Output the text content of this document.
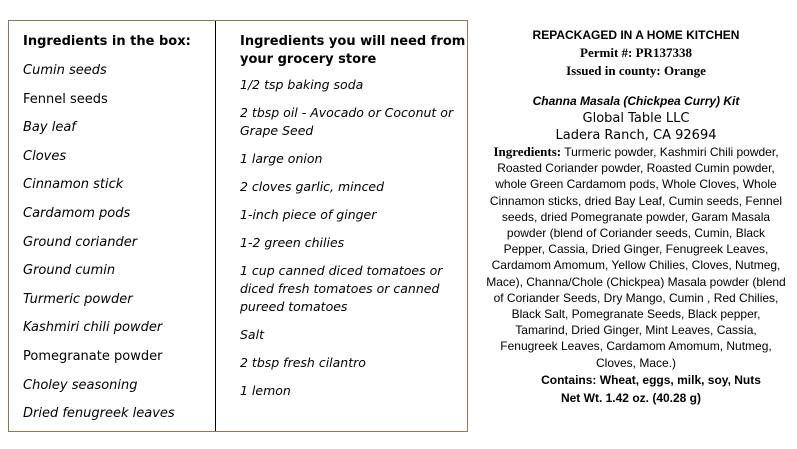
Ingredients in the box:

Cumin seeds

Fennel seeds

Bay leaf

Cloves

Cinnamon stick

Cardamom pods

Ground coriander

Ground cumin

Turmeric powder

Kashmiri chili powder

Pomegranate powder

Choley seasoning

Dried fenugreek leaves

Ingredients you will need from

your grocery store

1/2 tsp baking soda

2 tbsp oil - Avocado or Coconut or Grape Seed

1 large onion

2 cloves garlic, minced

1-inch piece of ginger

1-2 green chilies

1 cup canned diced tomatoes or diced fresh tomatoes or canned pureed tomatoes

Salt

2 tbsp fresh cilantro

1 lemon

REPACKAGED IN A HOME KITCHEN
Permit #: PR137338
Issued in county: Orange
Channa Masala (Chickpea Curry) Kit
Global Table LLC
Ladera Ranch, CA 92694
Ingredients: Turmeric powder, Kashmiri Chili powder, Roasted Coriander powder, Roasted Cumin powder, whole Green Cardamom pods, Whole Cloves, Whole Cinnamon sticks, dried Bay Leaf, Cumin seeds, Fennel seeds, dried Pomegranate powder, Garam Masala powder (blend of Coriander seeds, Cumin, Black Pepper, Cassia, Dried Ginger, Fenugreek Leaves, Cardamom Amomum, Yellow Chilies, Cloves, Nutmeg, Mace), Channa/Chole (Chickpea) Masala powder (blend of Coriander Seeds, Dry Mango, Cumin , Red Chilies, Black Salt, Pomegranate Seeds, Black pepper, Tamarind, Dried Ginger, Mint Leaves, Cassia, Fenugreek Leaves, Cardamom Amomum, Nutmeg, Cloves, Mace.)
Contains: Wheat, eggs, milk, soy, Nuts
Net Wt. 1.42 oz. (40.28 g)
